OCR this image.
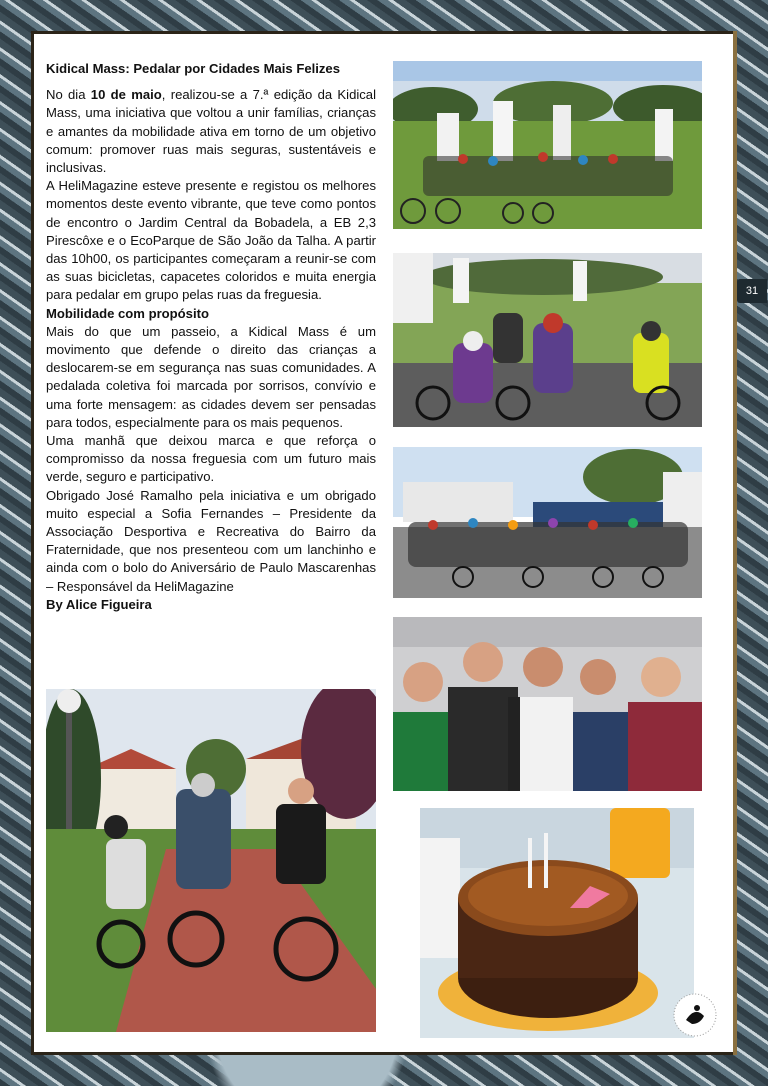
Kidical Mass: Pedalar por Cidades Mais Felizes

No dia 10 de maio, realizou-se a 7.ª edição da Kidical Mass, uma iniciativa que voltou a unir famílias, crianças e amantes da mobilidade ativa em torno de um objetivo comum: promover ruas mais seguras, sustentáveis e inclusivas.

A HeliMagazine esteve presente e registou os melhores momentos deste evento vibrante, que teve como pontos de encontro o Jardim Central da Bobadela, a EB 2,3 Pirescôxe e o EcoParque de São João da Talha. A partir das 10h00, os participantes começaram a reunir-se com as suas bicicletas, capacetes coloridos e muita energia para pedalar em grupo pelas ruas da freguesia.

Mobilidade com propósito

Mais do que um passeio, a Kidical Mass é um movimento que defende o direito das crianças a deslocarem-se em segurança nas suas comunidades. A pedalada coletiva foi marcada por sorrisos, convívio e uma forte mensagem: as cidades devem ser pensadas para todos, especialmente para os mais pequenos.

Uma manhã que deixou marca e que reforça o compromisso da nossa freguesia com um futuro mais verde, seguro e participativo.

Obrigado José Ramalho pela iniciativa e um obrigado muito especial a Sofia Fernandes – Presidente da Associação Desportiva e Recreativa do Bairro da Fraternidade, que nos presenteou com um lanchinho e ainda com o bolo do Aniversário de Paulo Mascarenhas – Responsável da HeliMagazine

By Alice Figueira

31
